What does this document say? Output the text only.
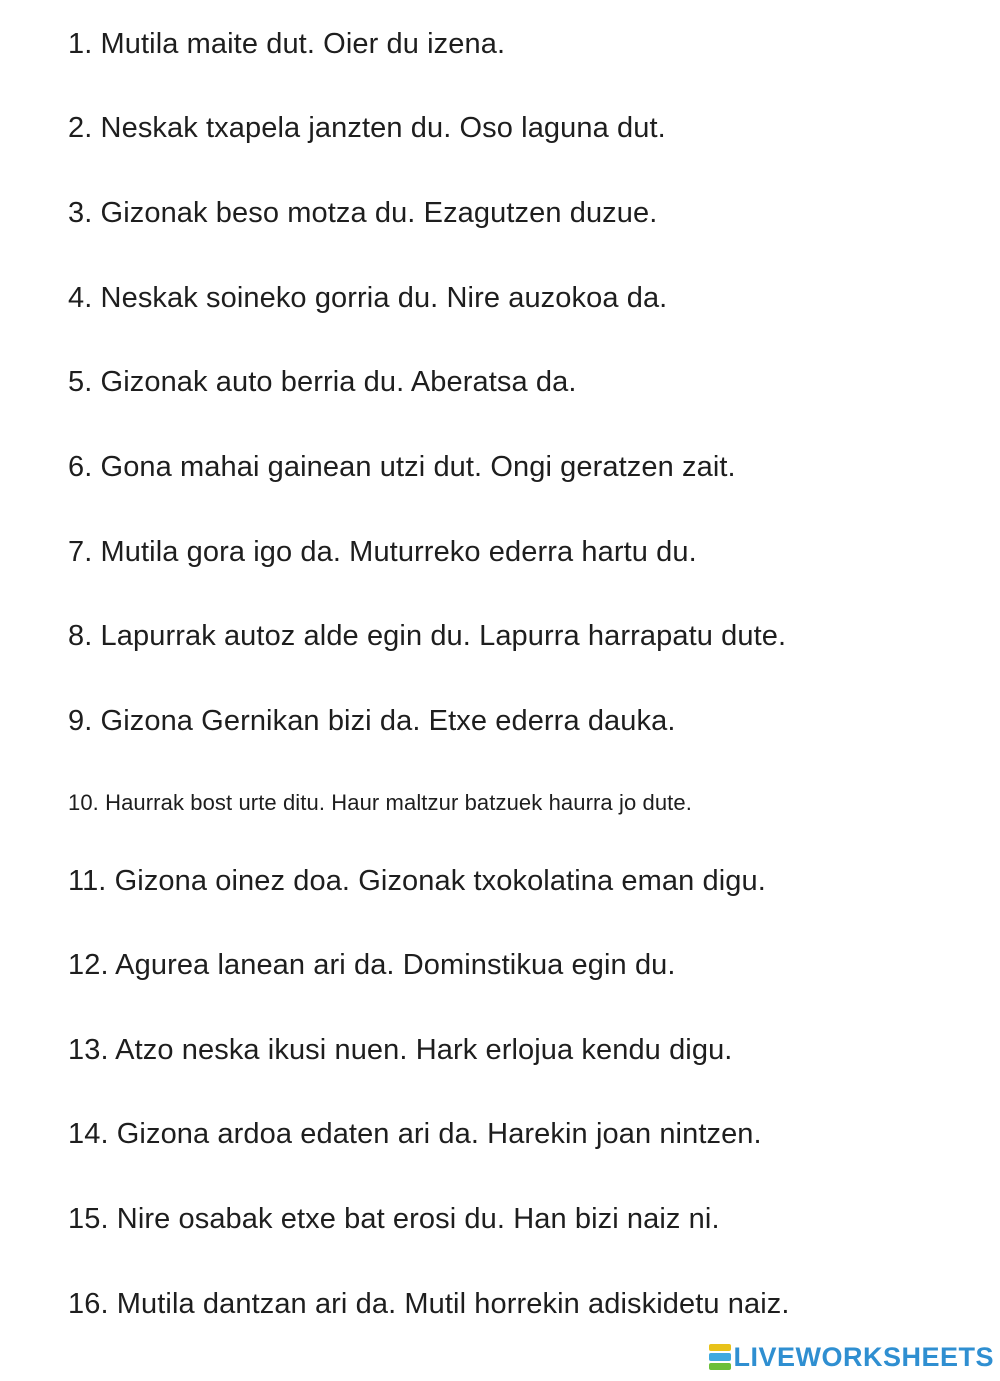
1. Mutila maite dut. Oier du izena.
2. Neskak txapela janzten du. Oso laguna dut.
3. Gizonak beso motza du. Ezagutzen duzue.
4. Neskak soineko gorria du. Nire auzokoa da.
5. Gizonak auto berria du. Aberatsa da.
6. Gona mahai gainean utzi dut. Ongi geratzen zait.
7. Mutila gora igo da. Muturreko ederra hartu du.
8. Lapurrak autoz alde egin du. Lapurra harrapatu dute.
9. Gizona Gernikan bizi da. Etxe ederra dauka.
10. Haurrak bost urte ditu. Haur maltzur batzuek haurra jo dute.
11. Gizona oinez doa. Gizonak txokolatina eman digu.
12. Agurea lanean ari da. Dominstikua egin du.
13. Atzo neska ikusi nuen. Hark erlojua kendu digu.
14. Gizona ardoa edaten ari da. Harekin joan nintzen.
15. Nire osabak etxe bat erosi du. Han bizi naiz ni.
16. Mutila dantzan ari da. Mutil horrekin adiskidetu naiz.
LIVEWORKSHEETS
